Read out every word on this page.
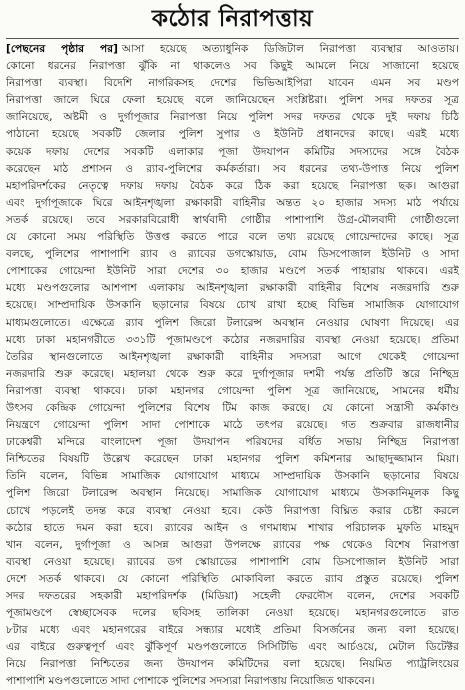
কঠোর নিরাপত্তায়
[পেছনের পৃষ্ঠার পর] আসা হয়েছে অত্যাধুনিক ডিজিটাল নিরাপত্তা ব্যবস্থার আওতায়।
কোনো ধরনের নিরাপত্তা ঝুঁকি না থাকলেও সব কিছুই আমলে নিয়ে সাজানো হয়েছে
নিরাপত্তা ব্যবস্থা। বিদেশি নাগরিকসহ দেশের ভিভিআইপিরা যাবেন এমন সব মণ্ডপ
নিরাপত্তা জালে ঘিরে ফেলা হয়েছে বলে জানিয়েছেন সংশ্লিষ্টরা। পুলিশ সদর দফতর সূত্র
জানিয়েছে, অষ্টমী ও দুর্গাপূজার নিরাপত্তা নিয়ে পুলিশ সদর দফতর থেকে দুই দফায় চিঠি
পাঠানো হয়েছে সবকটি জেলার পুলিশ সুপার ও ইউনিট প্রধানদের কাছে। এরই মধ্যে
কয়েক দফায় দেশের সবকটি এলাকার পূজা উদযাপন কমিটির সদস্যদের সঙ্গে বৈঠক
করেছেন মাঠ প্রশাসন ও র‌্যাব-পুলিশের কর্মকর্তারা। সব ধরনের তথ্য-উপাত্ত নিয়ে পুলিশ
মহাপরিদর্শকের নেতৃত্বে দফায় দফায় বৈঠক করে ঠিক করা হয়েছে নিরাপত্তা ছক। আগুরা
এবং দুর্গাপূজাকে ঘিরে আইনশৃঙ্খলা রক্ষাকারী বাহিনীর অন্তত ২০ হাজার সদস্য মাঠ পর্যায়ে
সতর্ক রয়েছে। তবে সরকারবিরোধী স্বার্থবাদী গোষ্ঠীর পাশাপাশি উগ্র-মৌলবাদী গোষ্ঠীগুলো
যে কোনো সময় পরিস্থিতি উত্তপ্ত করতে পারে বলে তথ্য রয়েছে গোয়েন্দাদের কাছে। সূত্র
বলছে, পুলিশের পাশাপাশি র‌্যাব ও র‌্যাবের ডগস্কোয়াড, বোম ডিসপোজাল ইউনিট ও সাদা
পোশাকের গোয়েন্দা ইউনিট সারা দেশের ৩০ হাজার মণ্ডপে সতর্ক পাহারায় থাকবে। এরই
মধ্যে মণ্ডপগুলোর আশপাশ এলাকায় আইনশৃঙ্খলা রক্ষাকারী বাহিনীর বিশেষ নজরদারি শুরু
হয়েছে। সাম্প্রদায়িক উসকানি ছড়ানোর বিষয়ে চোখ রাখা হচ্ছে বিভিন্ন সামাজিক যোগাযোগ
মাধ্যমগুলোতে। এক্ষেত্রে র‌্যাব পুলিশ জিরো টলারেন্স অবস্থান নেওয়ার ঘোষণা দিয়েছে। এর
মধ্যে ঢাকা মহানগরীতে ৩৩১টি পূজামণ্ডপে কঠোর নজরদারির ব্যবস্থা নেওয়া হয়েছে। প্রতিমা
তৈরির স্থানগুলোতে আইনশৃঙ্খলা রক্ষাকারী বাহিনীর সদস্যরা আগে থেকেই গোয়েন্দা
নজরদারি শুরু করেছে। মহালয়া থেকে শুরু করে দুর্গাপূজার দশমী পর্যন্ত প্রতিটি স্তরে নিশ্ছিদ্র
নিরাপত্তা ব্যবস্থা থাকবে। ঢাকা মহানগর গোয়েন্দা পুলিশ সূত্র জানিয়েছে, সামনের ধর্মীয়
উৎসব কেন্দ্রিক গোয়েন্দা পুলিশের বিশেষ টিম কাজ করছে। যে কোনো সন্ত্রাসী কর্মকাণ্ড
নিয়ন্ত্রণে গোয়েন্দা পুলিশ সাদা পোশাকে মাঠে তৎপর রয়েছে। গত শুক্রবার রাজধানীর
ঢাকেশ্বরী মন্দিরে বাংলাদেশ পূজা উদযাপন পরিষদের বর্ধিত সভায় নিশ্ছিদ্র নিরাপত্তা
নিশ্চিতের বিষয়টি উল্লেখ করেছেন ঢাকা মহানগর পুলিশ কমিশনার আছাদুজ্জামান মিয়া।
তিনি বলেন, বিভিন্ন সামাজিক যোগাযোগ মাধ্যমে সাম্প্রদায়িক উসকানি ছড়ানোর বিষয়ে
পুলিশ জিরো টলারেন্স অবস্থান নিয়েছে। সামাজিক যোগাযোগ মাধ্যমে উসকানিমূলক কিছু
চোখে পড়লেই তদন্ত করে ব্যবস্থা নেওয়া হবে। কেউ নিরাপত্তা বিঘ্নিত করার চেষ্টা করলে
কঠোর হাতে দমন করা হবে। র‌্যাবের আইন ও গণমাধ্যম শাখার পরিচালক মুফতি মাহমুদ
খান বলেন, দুর্গাপূজা ও আসন্ন আগুরা উপলক্ষে র‌্যাবের পক্ষ থেকেও বিশেষ নিরাপত্তা
ব্যবস্থা নেওয়া হয়েছে। র‌্যাবের ডগ স্কোয়াডের পাশাপাশি বোম ডিসপোজাল ইউনিট সারা
দেশে সতর্ক থাকবে। যে কোনো পরিস্থিতি মোকাবিলা করতে র‌্যাব প্রস্তুত রয়েছে। পুলিশ
সদর দফতরের সহকারী মহাপরিদর্শক (মিডিয়া) সহেলী ফেরদৌস বলেন, দেশের সবকটি
পূজামণ্ডপে স্বেচ্ছাসেবক দলের ছবিসহ তালিকা নেওয়া হয়েছে। মহানগরগুলোতে রাত
৮টার মধ্যে এবং মহানগরের বাইরে সন্ধ্যার মধ্যেই প্রতিমা বিসর্জনের জন্য বলা হয়েছে।
এর বাইরে গুরুত্বপূর্ণ এবং ঝুঁকিপূর্ণ মণ্ডপগুলোতে সিসিটিভি এবং আর্চওয়ে, মেটাল ডিটেক্টর
নিয়ে নিরাপত্তা নিশ্চিতের জন্য উদযাপন কমিটিদের বলা হয়েছে। নিয়মিত প্যাট্রলিংয়ের
পাশাপাশি মণ্ডপগুলোতে সাদা পোশাকে পুলিশের সদস্যরা নিরাপত্তায় নিয়োজিত থাকবেন।
